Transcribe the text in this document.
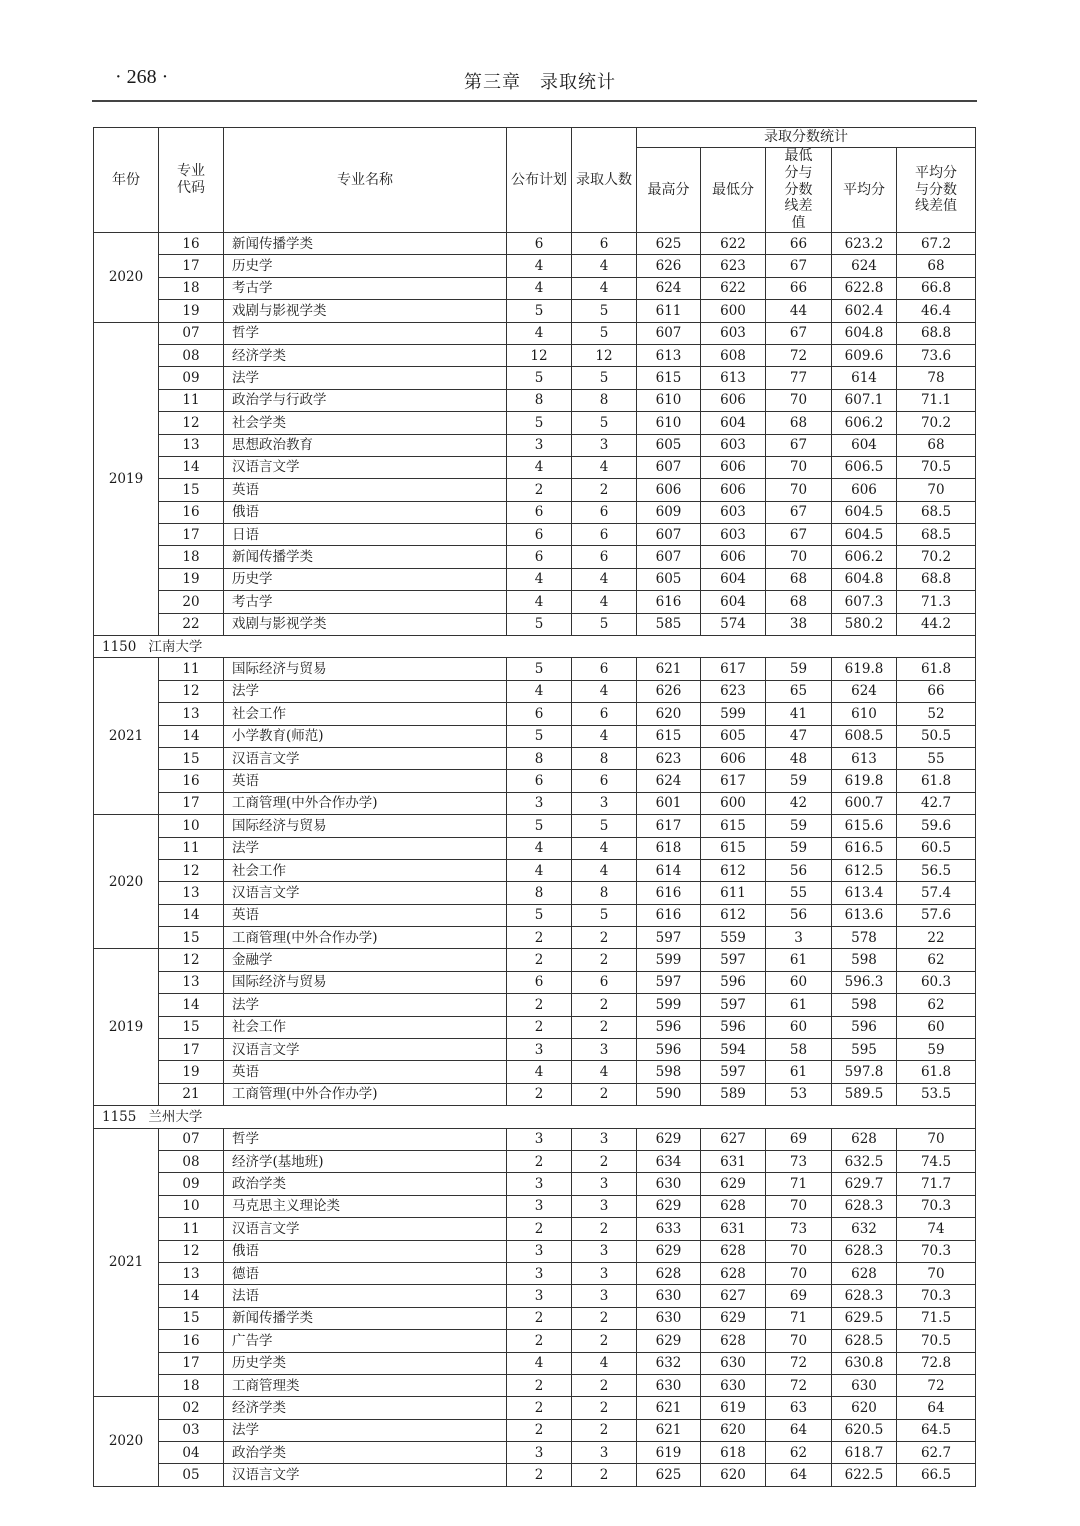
· 268 ·	第三章　录取统计
年份	专业代码	专业名称	公布计划	录取人数	录取分数统计				
					最高分	最低分	最低分与分数线差值	平均分	平均分与分数线差值
2020	16	新闻传播学类	6	6	625	622	66	623.2	67.2
	17	历史学	4	4	626	623	67	624	68
	18	考古学	4	4	624	622	66	622.8	66.8
	19	戏剧与影视学类	5	5	611	600	44	602.4	46.4
2019	07	哲学	4	5	607	603	67	604.8	68.8
	08	经济学类	12	12	613	608	72	609.6	73.6
	09	法学	5	5	615	613	77	614	78
	11	政治学与行政学	8	8	610	606	70	607.1	71.1
	12	社会学类	5	5	610	604	68	606.2	70.2
	13	思想政治教育	3	3	605	603	67	604	68
	14	汉语言文学	4	4	607	606	70	606.5	70.5
	15	英语	2	2	606	606	70	606	70
	16	俄语	6	6	609	603	67	604.5	68.5
	17	日语	6	6	607	603	67	604.5	68.5
	18	新闻传播学类	6	6	607	606	70	606.2	70.2
	19	历史学	4	4	605	604	68	604.8	68.8
	20	考古学	4	4	616	604	68	607.3	71.3
	22	戏剧与影视学类	5	5	585	574	38	580.2	44.2
1150 江南大学									
2021	11	国际经济与贸易	5	6	621	617	59	619.8	61.8
	12	法学	4	4	626	623	65	624	66
	13	社会工作	6	6	620	599	41	610	52
	14	小学教育(师范)	5	4	615	605	47	608.5	50.5
	15	汉语言文学	8	8	623	606	48	613	55
	16	英语	6	6	624	617	59	619.8	61.8
	17	工商管理(中外合作办学)	3	3	601	600	42	600.7	42.7
2020	10	国际经济与贸易	5	5	617	615	59	615.6	59.6
	11	法学	4	4	618	615	59	616.5	60.5
	12	社会工作	4	4	614	612	56	612.5	56.5
	13	汉语言文学	8	8	616	611	55	613.4	57.4
	14	英语	5	5	616	612	56	613.6	57.6
	15	工商管理(中外合作办学)	2	2	597	559	3	578	22
2019	12	金融学	2	2	599	597	61	598	62
	13	国际经济与贸易	6	6	597	596	60	596.3	60.3
	14	法学	2	2	599	597	61	598	62
	15	社会工作	2	2	596	596	60	596	60
	17	汉语言文学	3	3	596	594	58	595	59
	19	英语	4	4	598	597	61	597.8	61.8
	21	工商管理(中外合作办学)	2	2	590	589	53	589.5	53.5
1155 兰州大学									
2021	07	哲学	3	3	629	627	69	628	70
	08	经济学(基地班)	2	2	634	631	73	632.5	74.5
	09	政治学类	3	3	630	629	71	629.7	71.7
	10	马克思主义理论类	3	3	629	628	70	628.3	70.3
	11	汉语言文学	2	2	633	631	73	632	74
	12	俄语	3	3	629	628	70	628.3	70.3
	13	德语	3	3	628	628	70	628	70
	14	法语	3	3	630	627	69	628.3	70.3
	15	新闻传播学类	2	2	630	629	71	629.5	71.5
	16	广告学	2	2	629	628	70	628.5	70.5
	17	历史学类	4	4	632	630	72	630.8	72.8
	18	工商管理类	2	2	630	630	72	630	72
2020	02	经济学类	2	2	621	619	63	620	64
	03	法学	2	2	621	620	64	620.5	64.5
	04	政治学类	3	3	619	618	62	618.7	62.7
	05	汉语言文学	2	2	625	620	64	622.5	66.5
